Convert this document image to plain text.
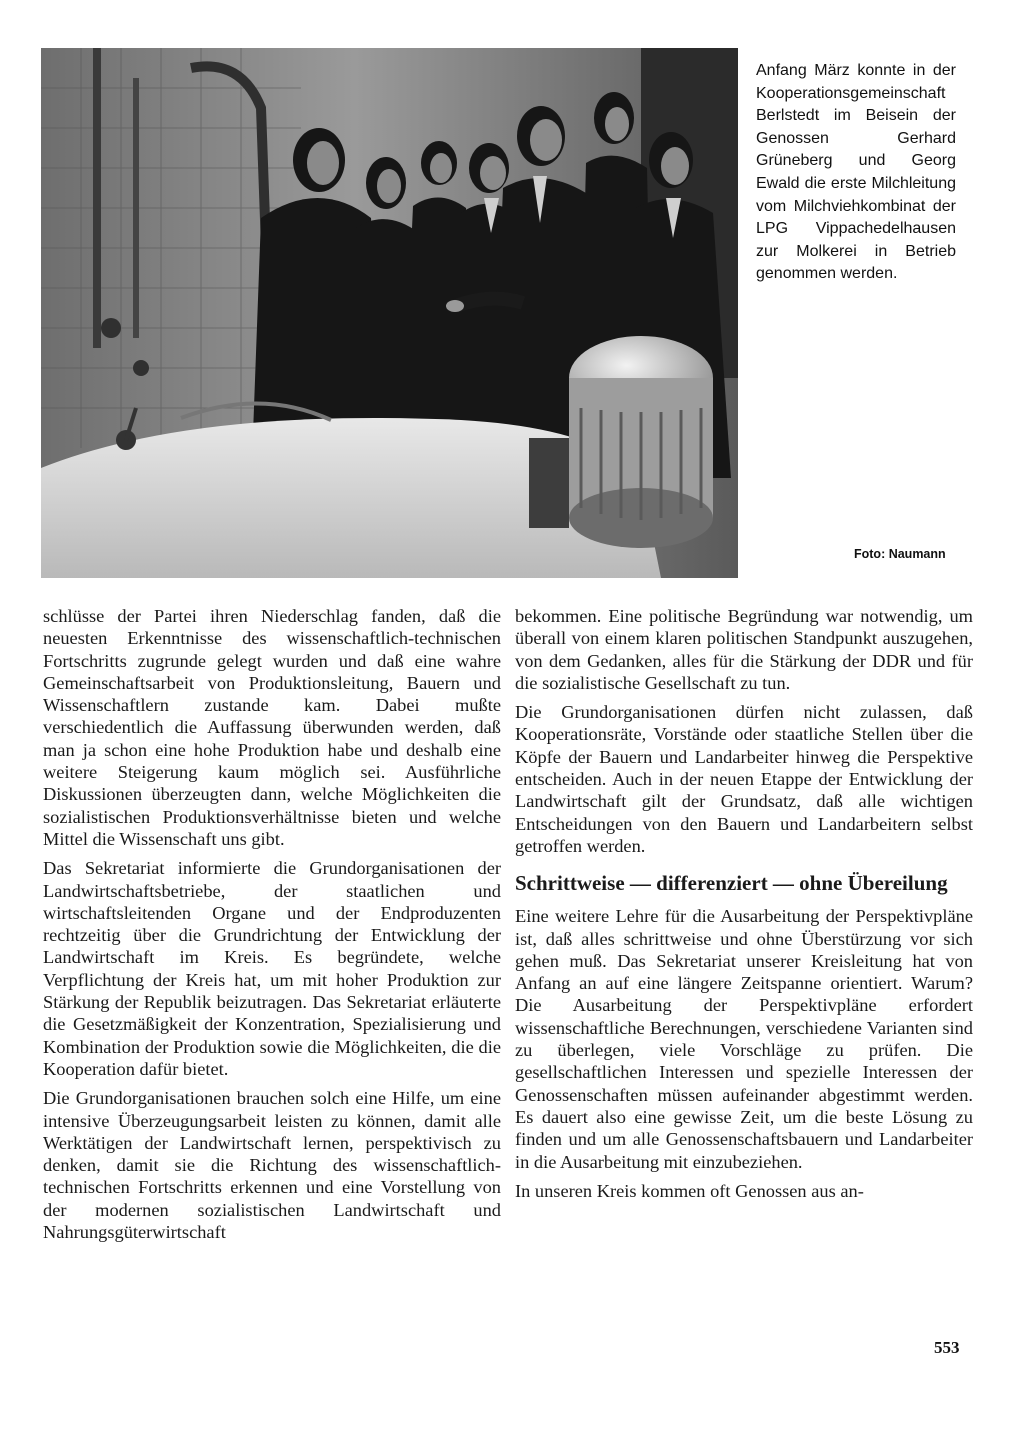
Anfang März konnte in der Kooperationsgemeinschaft Berlstedt im Beisein der Genossen Gerhard Grüneberg und Georg Ewald die erste Milchleitung vom Milchviehkombinat der LPG Vippachedelhausen zur Molkerei in Betrieb genommen werden.
Foto: Naumann

schlüsse der Partei ihren Niederschlag fanden, daß die neuesten Erkenntnisse des wissenschaftlich-technischen Fortschritts zugrunde gelegt wurden und daß eine wahre Gemeinschaftsarbeit von Produktionsleitung, Bauern und Wissenschaftlern zustande kam. Dabei mußte verschiedentlich die Auffassung überwunden werden, daß man ja schon eine hohe Produktion habe und deshalb eine weitere Steigerung kaum möglich sei. Ausführliche Diskussionen überzeugten dann, welche Möglichkeiten die sozialistischen Produktionsverhältnisse bieten und welche Mittel die Wissenschaft uns gibt.

Das Sekretariat informierte die Grundorganisationen der Landwirtschaftsbetriebe, der staatlichen und wirtschaftsleitenden Organe und der Endproduzenten rechtzeitig über die Grundrichtung der Entwicklung der Landwirtschaft im Kreis. Es begründete, welche Verpflichtung der Kreis hat, um mit hoher Produktion zur Stärkung der Republik beizutragen. Das Sekretariat erläuterte die Gesetzmäßigkeit der Konzentration, Spezialisierung und Kombination der Produktion sowie die Möglichkeiten, die die Kooperation dafür bietet.

Die Grundorganisationen brauchen solch eine Hilfe, um eine intensive Überzeugungsarbeit leisten zu können, damit alle Werktätigen der Landwirtschaft lernen, perspektivisch zu denken, damit sie die Richtung des wissenschaftlich-technischen Fortschritts erkennen und eine Vorstellung von der modernen sozialistischen Landwirtschaft und Nahrungsgüterwirtschaft

bekommen. Eine politische Begründung war notwendig, um überall von einem klaren politischen Standpunkt auszugehen, von dem Gedanken, alles für die Stärkung der DDR und für die sozialistische Gesellschaft zu tun.

Die Grundorganisationen dürfen nicht zulassen, daß Kooperationsräte, Vorstände oder staatliche Stellen über die Köpfe der Bauern und Landarbeiter hinweg die Perspektive entscheiden. Auch in der neuen Etappe der Entwicklung der Landwirtschaft gilt der Grundsatz, daß alle wichtigen Entscheidungen von den Bauern und Landarbeitern selbst getroffen werden.

Schrittweise — differenziert — ohne Übereilung

Eine weitere Lehre für die Ausarbeitung der Perspektivpläne ist, daß alles schrittweise und ohne Überstürzung vor sich gehen muß. Das Sekretariat unserer Kreisleitung hat von Anfang an auf eine längere Zeitspanne orientiert. Warum? Die Ausarbeitung der Perspektivpläne erfordert wissenschaftliche Berechnungen, verschiedene Varianten sind zu überlegen, viele Vorschläge zu prüfen. Die gesellschaftlichen Interessen und spezielle Interessen der Genossenschaften müssen aufeinander abgestimmt werden. Es dauert also eine gewisse Zeit, um die beste Lösung zu finden und um alle Genossenschaftsbauern und Landarbeiter in die Ausarbeitung mit einzubeziehen.

In unseren Kreis kommen oft Genossen aus an-

553
